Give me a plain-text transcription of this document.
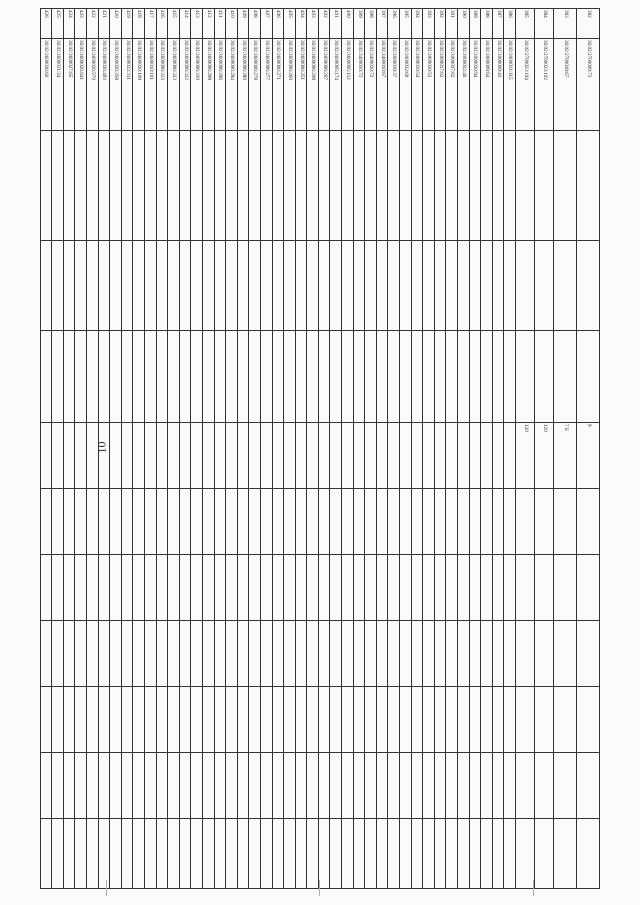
10
382	36:02:2700009:73				9						
383	36:02:2700018:67				7 Б						
384	36:02:2700023:102				120						
385	36:02:2700023:104				120						
386	36:02:3000011:115										
387	36:02:3000009:41										
388	36:02:3000009:64										
389	36:02:3000010:94										
390	36:02:3000012:46										
391	36:02:3000017:62										
392	36:02:3000017:63										
393	36:02:3000030:53										
394	36:02:3000030:54										
395	36:02:3000032:69										
396	36:02:3000039:37										
397	36:02:3400010:67										
398	36:02:3400010:72										
399	36:02:3400010:73										
400	36:02:3600005:112										
401	36:02:3600005:174										
402	36:02:3600006:207										
403	36:02:3600006:208										
404	36:02:3600006:251										
405	36:02:3600006:260										
406	36:02:3600006:271										
407	36:02:3600006:277										
408	36:02:3600006:278										
409	36:02:3600006:280										
410	36:02:3600006:294										
411	36:02:3600006:296										
412	36:02:3600006:298										
413	36:02:3600006:310										
414	36:02:3600006:312										
415	36:02:3600006:323										
416	36:02:3600006:333										
417	36:02:3600010:101										
418	36:02:3600010:109										
419	36:02:3600022:311										
420	36:02:3600026:358										
421	36:02:3600026:493										
422	36:02:3600026:570										
423	36:02:3600026:641										
424	36:02:3600027:65										
425	36:02:3600031:24										
426	36:02:3600036:60										
